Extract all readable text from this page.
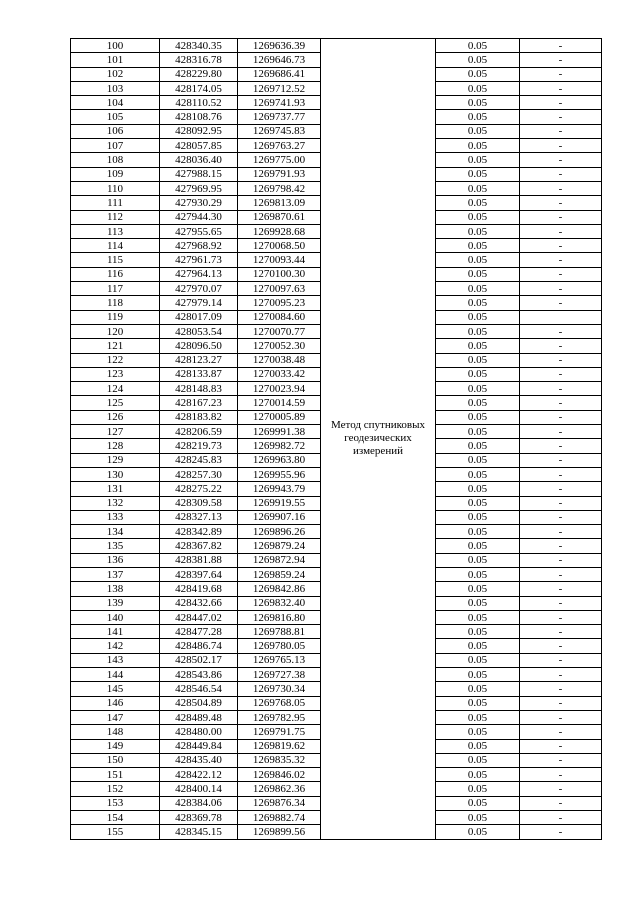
100	428340.35	1269636.39	Метод спутниковых геодезических измерений	0.05	-
101	428316.78	1269646.73		0.05	-
102	428229.80	1269686.41		0.05	-
103	428174.05	1269712.52		0.05	-
104	428110.52	1269741.93		0.05	-
105	428108.76	1269737.77		0.05	-
106	428092.95	1269745.83		0.05	-
107	428057.85	1269763.27		0.05	-
108	428036.40	1269775.00		0.05	-
109	427988.15	1269791.93		0.05	-
110	427969.95	1269798.42		0.05	-
111	427930.29	1269813.09		0.05	-
112	427944.30	1269870.61		0.05	-
113	427955.65	1269928.68		0.05	-
114	427968.92	1270068.50		0.05	-
115	427961.73	1270093.44		0.05	-
116	427964.13	1270100.30		0.05	-
117	427970.07	1270097.63		0.05	-
118	427979.14	1270095.23		0.05	-
119	428017.09	1270084.60		0.05	
120	428053.54	1270070.77		0.05	-
121	428096.50	1270052.30		0.05	-
122	428123.27	1270038.48		0.05	-
123	428133.87	1270033.42		0.05	-
124	428148.83	1270023.94		0.05	-
125	428167.23	1270014.59		0.05	-
126	428183.82	1270005.89		0.05	-
127	428206.59	1269991.38		0.05	-
128	428219.73	1269982.72		0.05	-
129	428245.83	1269963.80		0.05	-
130	428257.30	1269955.96		0.05	-
131	428275.22	1269943.79		0.05	-
132	428309.58	1269919.55		0.05	-
133	428327.13	1269907.16		0.05	-
134	428342.89	1269896.26		0.05	-
135	428367.82	1269879.24		0.05	-
136	428381.88	1269872.94		0.05	-
137	428397.64	1269859.24		0.05	-
138	428419.68	1269842.86		0.05	-
139	428432.66	1269832.40		0.05	-
140	428447.02	1269816.80		0.05	-
141	428477.28	1269788.81		0.05	-
142	428486.74	1269780.05		0.05	-
143	428502.17	1269765.13		0.05	-
144	428543.86	1269727.38		0.05	-
145	428546.54	1269730.34		0.05	-
146	428504.89	1269768.05		0.05	-
147	428489.48	1269782.95		0.05	-
148	428480.00	1269791.75		0.05	-
149	428449.84	1269819.62		0.05	-
150	428435.40	1269835.32		0.05	-
151	428422.12	1269846.02		0.05	-
152	428400.14	1269862.36		0.05	-
153	428384.06	1269876.34		0.05	-
154	428369.78	1269882.74		0.05	-
155	428345.15	1269899.56		0.05	-
